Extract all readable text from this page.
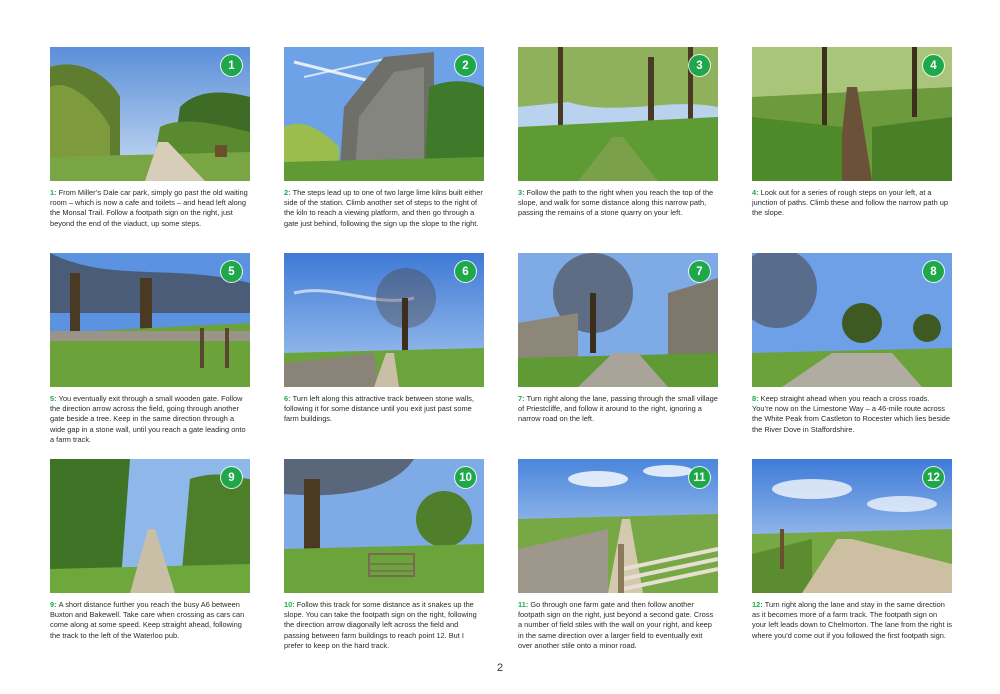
1
1: From Miller’s Dale car park, simply go past the old waiting room – which is now a cafe and toilets – and head left along the Monsal Trail. Follow a footpath sign on the right, just beyond the end of the viaduct, up some steps.
2
2: The steps lead up to one of two large lime kilns built either side of the station. Climb another set of steps to the right of the kiln to reach a viewing platform, and then go through a gate just behind, following the sign up the slope to the right.
3
3: Follow the path to the right when you reach the top of the slope, and walk for some distance along this narrow path, passing the remains of a stone quarry on your left.
4
4: Look out for a series of rough steps on your left, at a junction of paths. Climb these and follow the narrow path up the slope.
5
5: You eventually exit through a small wooden gate. Follow the direction arrow across the field, going through another gate beside a tree. Keep in the same direction through a wide gap in a stone wall, until you reach a gate leading onto a farm track.
6
6: Turn left along this attractive track between stone walls, following it for some distance until you exit just past some farm buildings.
7
7: Turn right along the lane, passing through the small village of Priestcliffe, and follow it around to the right, ignoring a narrow road on the left.
8
8: Keep straight ahead when you reach a cross roads. You’re now on the Limestone Way – a 46-mile route across the White Peak from Castleton to Rocester which lies beside the River Dove in Staffordshire.
9
9: A short distance further you reach the busy A6 between Buxton and Bakewell. Take care when crossing as cars can come along at some speed. Keep straight ahead, following the track to the left of the Waterloo pub.
10
10: Follow this track for some distance as it snakes up the slope. You can take the footpath sign on the right, following the direction arrow diagonally left across the field and passing between farm buildings to reach point 12. But I prefer to keep on the hard track.
11
11: Go through one farm gate and then follow another footpath sign on the right, just beyond a second gate. Cross a number of field stiles with the wall on your right, and keep in the same direction over a larger field to eventually exit over another stile onto a minor road.
12
12: Turn right along the lane and stay in the same direction as it becomes more of a farm track. The footpath sign on your left leads down to Chelmorton. The lane from the right is where you’d come out if you followed the first footpath sign.
2
